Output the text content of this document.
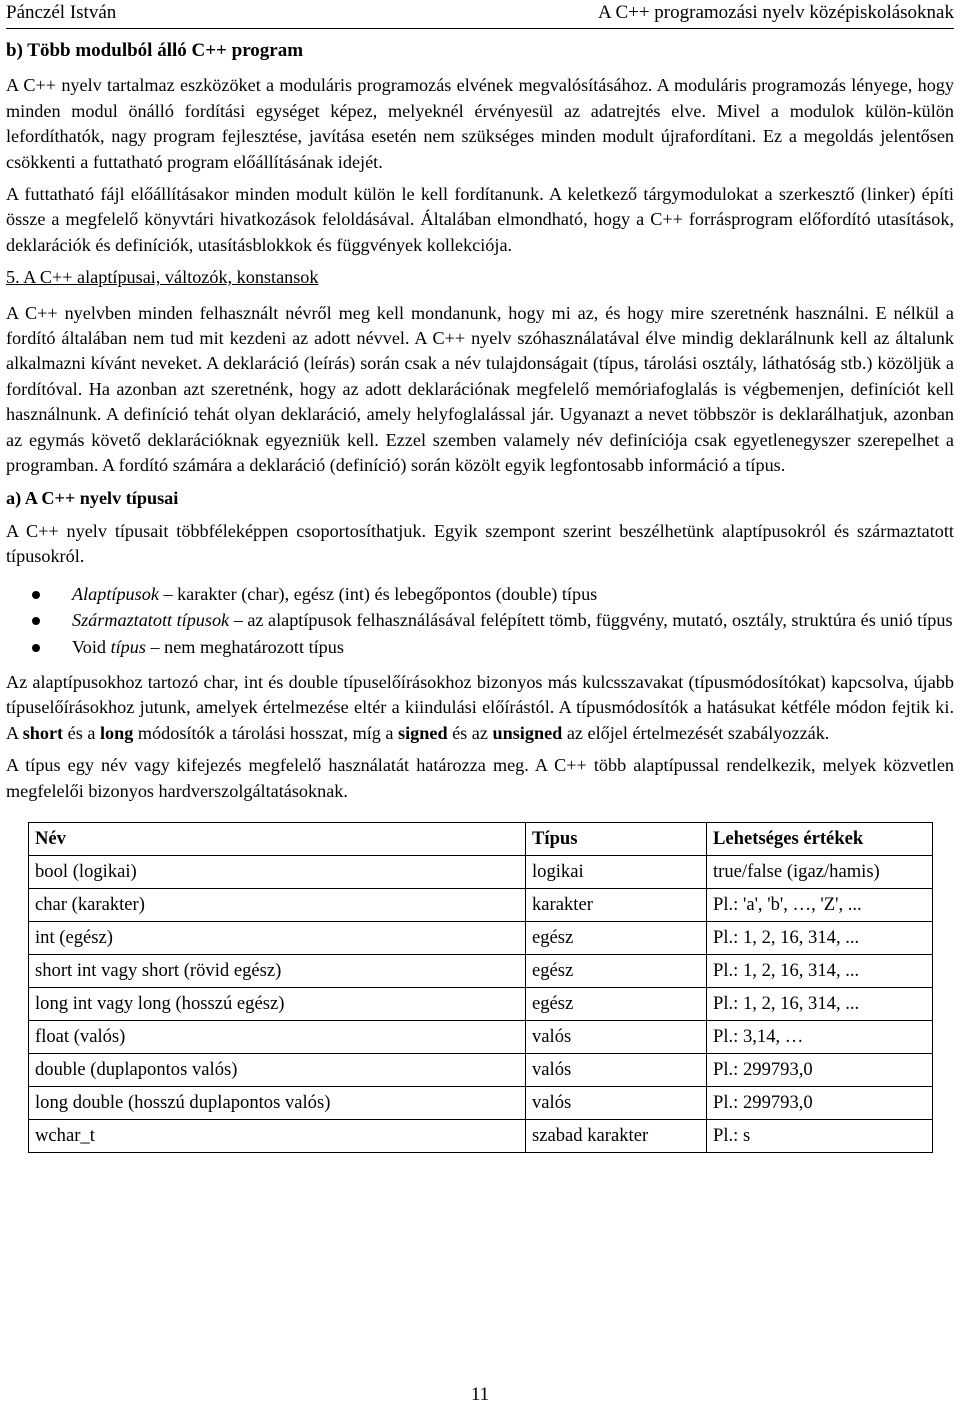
Pánczél István	A C++ programozási nyelv középiskolásoknak

b) Több modulból álló C++ program

A C++ nyelv tartalmaz eszközöket a moduláris programozás elvének megvalósításához. A moduláris programozás lényege, hogy minden modul önálló fordítási egységet képez, melyeknél érvényesül az adatrejtés elve. Mivel a modulok külön-külön lefordíthatók, nagy program fejlesztése, javítása esetén nem szükséges minden modult újrafordítani. Ez a megoldás jelentősen csökkenti a futtatható program előállításának idejét.

A futtatható fájl előállításakor minden modult külön le kell fordítanunk. A keletkező tárgymodulokat a szerkesztő (linker) építi össze a megfelelő könyvtári hivatkozások feloldásával. Általában elmondható, hogy a C++ forrásprogram előfordító utasítások, deklarációk és definíciók, utasításblokkok és függvények kollekciója.

5. A C++ alaptípusai, változók, konstansok

A C++ nyelvben minden felhasznált névről meg kell mondanunk, hogy mi az, és hogy mire szeretnénk használni. E nélkül a fordító általában nem tud mit kezdeni az adott névvel. A C++ nyelv szóhasználatával élve mindig deklarálnunk kell az általunk alkalmazni kívánt neveket. A deklaráció (leírás) során csak a név tulajdonságait (típus, tárolási osztály, láthatóság stb.) közöljük a fordítóval. Ha azonban azt szeretnénk, hogy az adott deklarációnak megfelelő memóriafoglalás is végbemenjen, definíciót kell használnunk. A definíció tehát olyan deklaráció, amely helyfoglalással jár. Ugyanazt a nevet többször is deklarálhatjuk, azonban az egymás követő deklarációknak egyezniük kell. Ezzel szemben valamely név definíciója csak egyetlenegyszer szerepelhet a programban. A fordító számára a deklaráció (definíció) során közölt egyik legfontosabb információ a típus.

a) A C++ nyelv típusai

A C++ nyelv típusait többféleképpen csoportosíthatjuk. Egyik szempont szerint beszélhetünk alaptípusokról és származtatott típusokról.

Alaptípusok – karakter (char), egész (int) és lebegőpontos (double) típus
Származtatott típusok – az alaptípusok felhasználásával felépített tömb, függvény, mutató, osztály, struktúra és unió típus
Void típus – nem meghatározott típus

Az alaptípusokhoz tartozó char, int és double típuselőírásokhoz bizonyos más kulcsszavakat (típusmódosítókat) kapcsolva, újabb típuselőírásokhoz jutunk, amelyek értelmezése eltér a kiindulási előírástól. A típusmódosítók a hatásukat kétféle módon fejtik ki. A short és a long módosítók a tárolási hosszat, míg a signed és az unsigned az előjel értelmezését szabályozzák.

A típus egy név vagy kifejezés megfelelő használatát határozza meg. A C++ több alaptípussal rendelkezik, melyek közvetlen megfelelői bizonyos hardverszolgáltatásoknak.

Név	Típus	Lehetséges értékek
bool (logikai)	logikai	true/false (igaz/hamis)
char (karakter)	karakter	Pl.: 'a', 'b', …, 'Z', ...
int (egész)	egész	Pl.: 1, 2, 16, 314, ...
short int vagy short (rövid egész)	egész	Pl.: 1, 2, 16, 314, ...
long int vagy long (hosszú egész)	egész	Pl.: 1, 2, 16, 314, ...
float (valós)	valós	Pl.: 3,14, …
double (duplapontos valós)	valós	Pl.: 299793,0
long double (hosszú duplapontos valós)	valós	Pl.: 299793,0
wchar_t	szabad karakter	Pl.: s
11
